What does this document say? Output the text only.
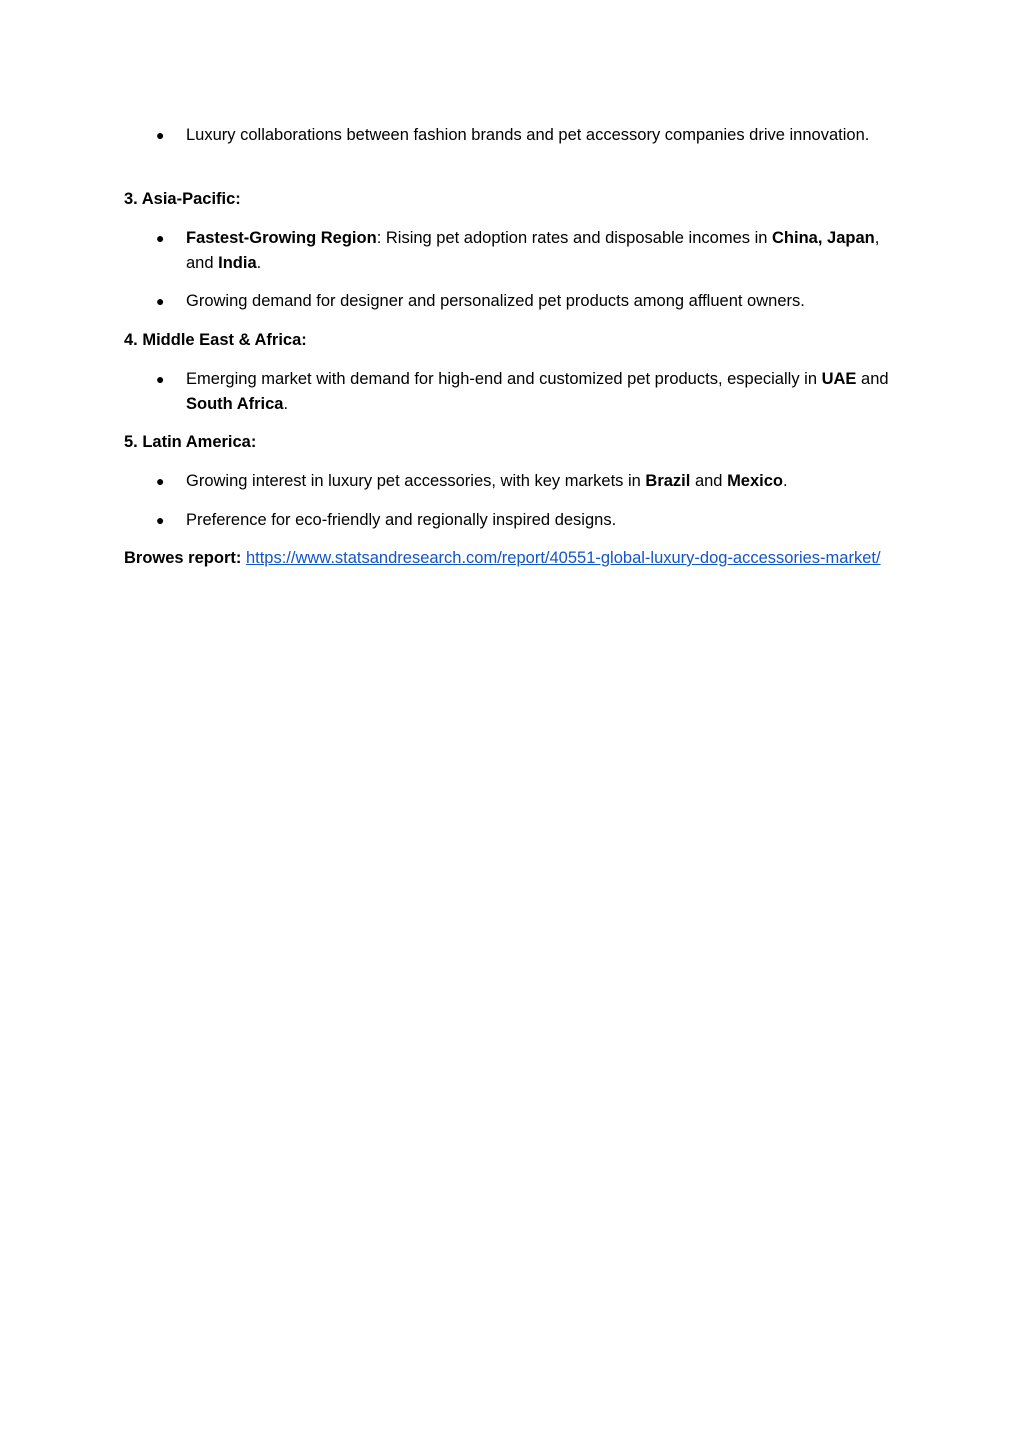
● Luxury collaborations between fashion brands and pet accessory companies drive innovation.
3. Asia-Pacific:
● Fastest-Growing Region: Rising pet adoption rates and disposable incomes in China, Japan, and India.
● Growing demand for designer and personalized pet products among affluent owners.
4. Middle East & Africa:
● Emerging market with demand for high-end and customized pet products, especially in UAE and South Africa.
5. Latin America:
● Growing interest in luxury pet accessories, with key markets in Brazil and Mexico.
● Preference for eco-friendly and regionally inspired designs.
Browes report: https://www.statsandresearch.com/report/40551-global-luxury-dog-accessories-market/
